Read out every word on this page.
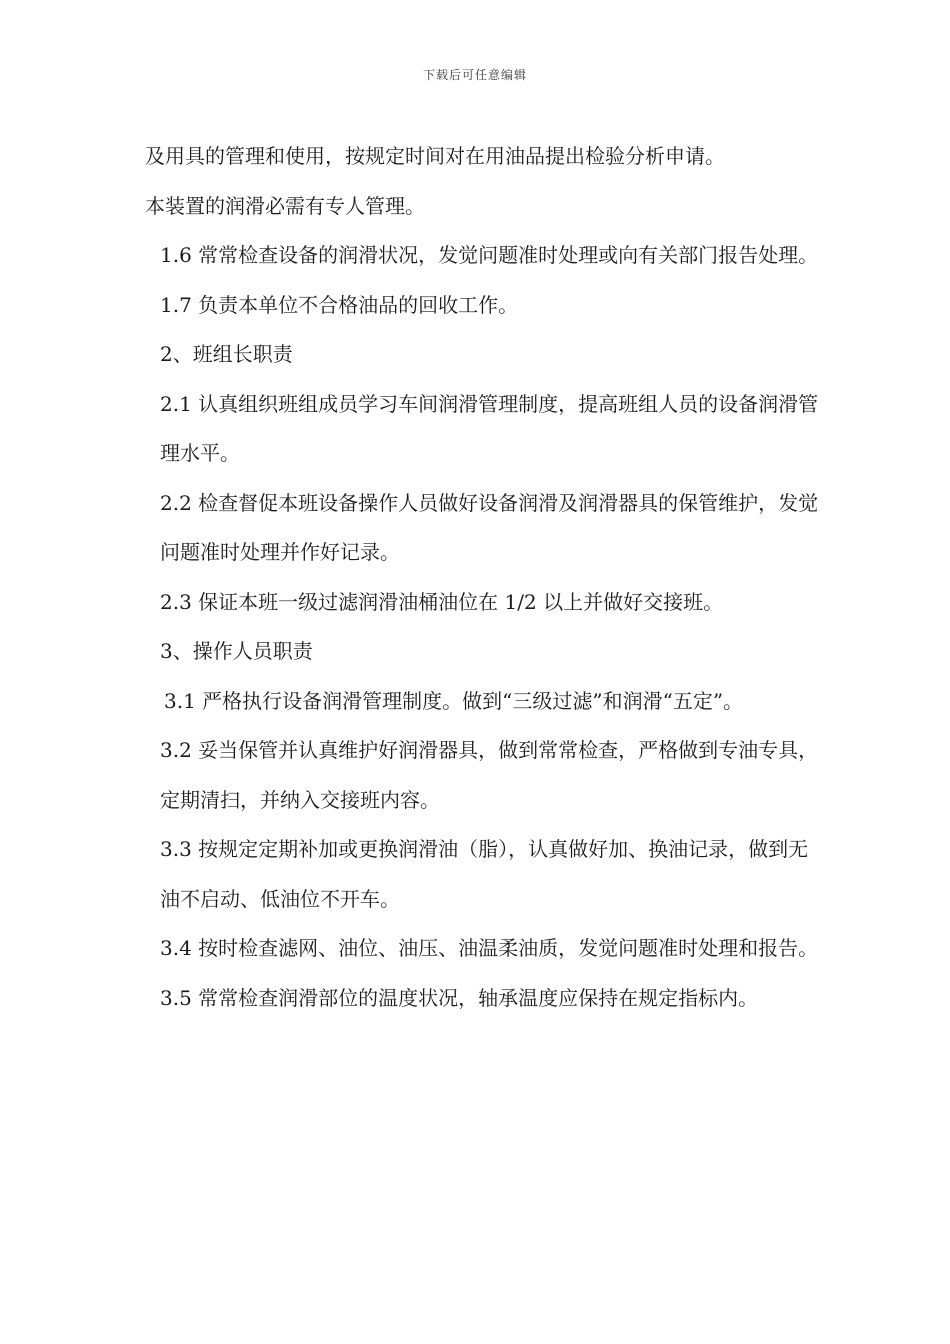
下载后可任意编辑

及用具的管理和使用，按规定时间对在用油品提出检验分析申请。

本装置的润滑必需有专人管理。

1.6 常常检查设备的润滑状况，发觉问题准时处理或向有关部门报告处理。

1.7 负责本单位不合格油品的回收工作。

2、班组长职责

2.1 认真组织班组成员学习车间润滑管理制度，提高班组人员的设备润滑管理水平。

2.2 检查督促本班设备操作人员做好设备润滑及润滑器具的保管维护，发觉问题准时处理并作好记录。

2.3 保证本班一级过滤润滑油桶油位在 1/2 以上并做好交接班。

3、操作人员职责

3.1 严格执行设备润滑管理制度。做到“三级过滤”和润滑“五定”。

3.2 妥当保管并认真维护好润滑器具，做到常常检查，严格做到专油专具，定期清扫，并纳入交接班内容。

3.3 按规定定期补加或更换润滑油（脂），认真做好加、换油记录，做到无油不启动、低油位不开车。

3.4 按时检查滤网、油位、油压、油温柔油质，发觉问题准时处理和报告。

3.5 常常检查润滑部位的温度状况，轴承温度应保持在规定指标内。
